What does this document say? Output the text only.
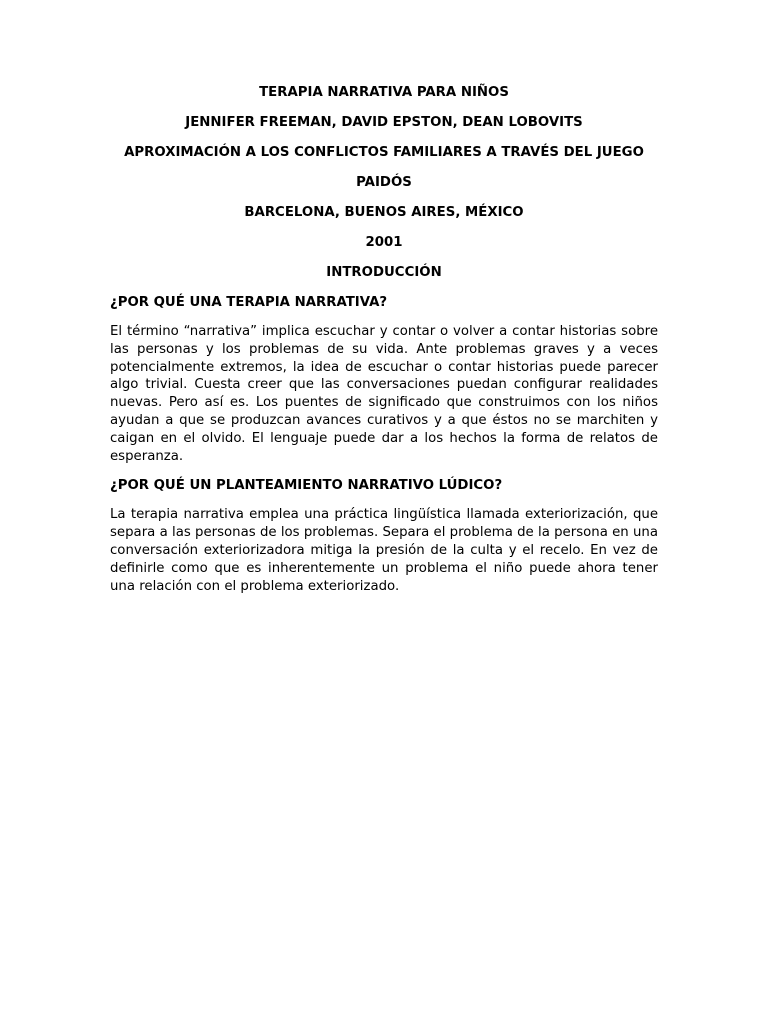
TERAPIA NARRATIVA PARA NIÑOS

JENNIFER FREEMAN, DAVID EPSTON, DEAN LOBOVITS

APROXIMACIÓN A LOS CONFLICTOS FAMILIARES A TRAVÉS DEL JUEGO

PAIDÓS

BARCELONA, BUENOS AIRES, MÉXICO

2001

INTRODUCCIÓN

¿POR QUÉ UNA TERAPIA NARRATIVA?

El término “narrativa” implica escuchar y contar o volver a contar historias sobre las personas y los problemas de su vida. Ante problemas graves y a veces potencialmente extremos, la idea de escuchar o contar historias puede parecer algo trivial. Cuesta creer que las conversaciones puedan configurar realidades nuevas. Pero así es. Los puentes de significado que construimos con los niños ayudan a que se produzcan avances curativos y a que éstos no se marchiten y caigan en el olvido. El lenguaje puede dar a los hechos la forma de relatos de esperanza.

¿POR QUÉ UN PLANTEAMIENTO NARRATIVO LÚDICO?

La terapia narrativa emplea una práctica lingüística llamada exteriorización, que separa a las personas de los problemas. Separa el problema de la persona en una conversación exteriorizadora mitiga la presión de la culta y el recelo. En vez de definirle como que es inherentemente un problema el niño puede ahora tener una relación con el problema exteriorizado.
